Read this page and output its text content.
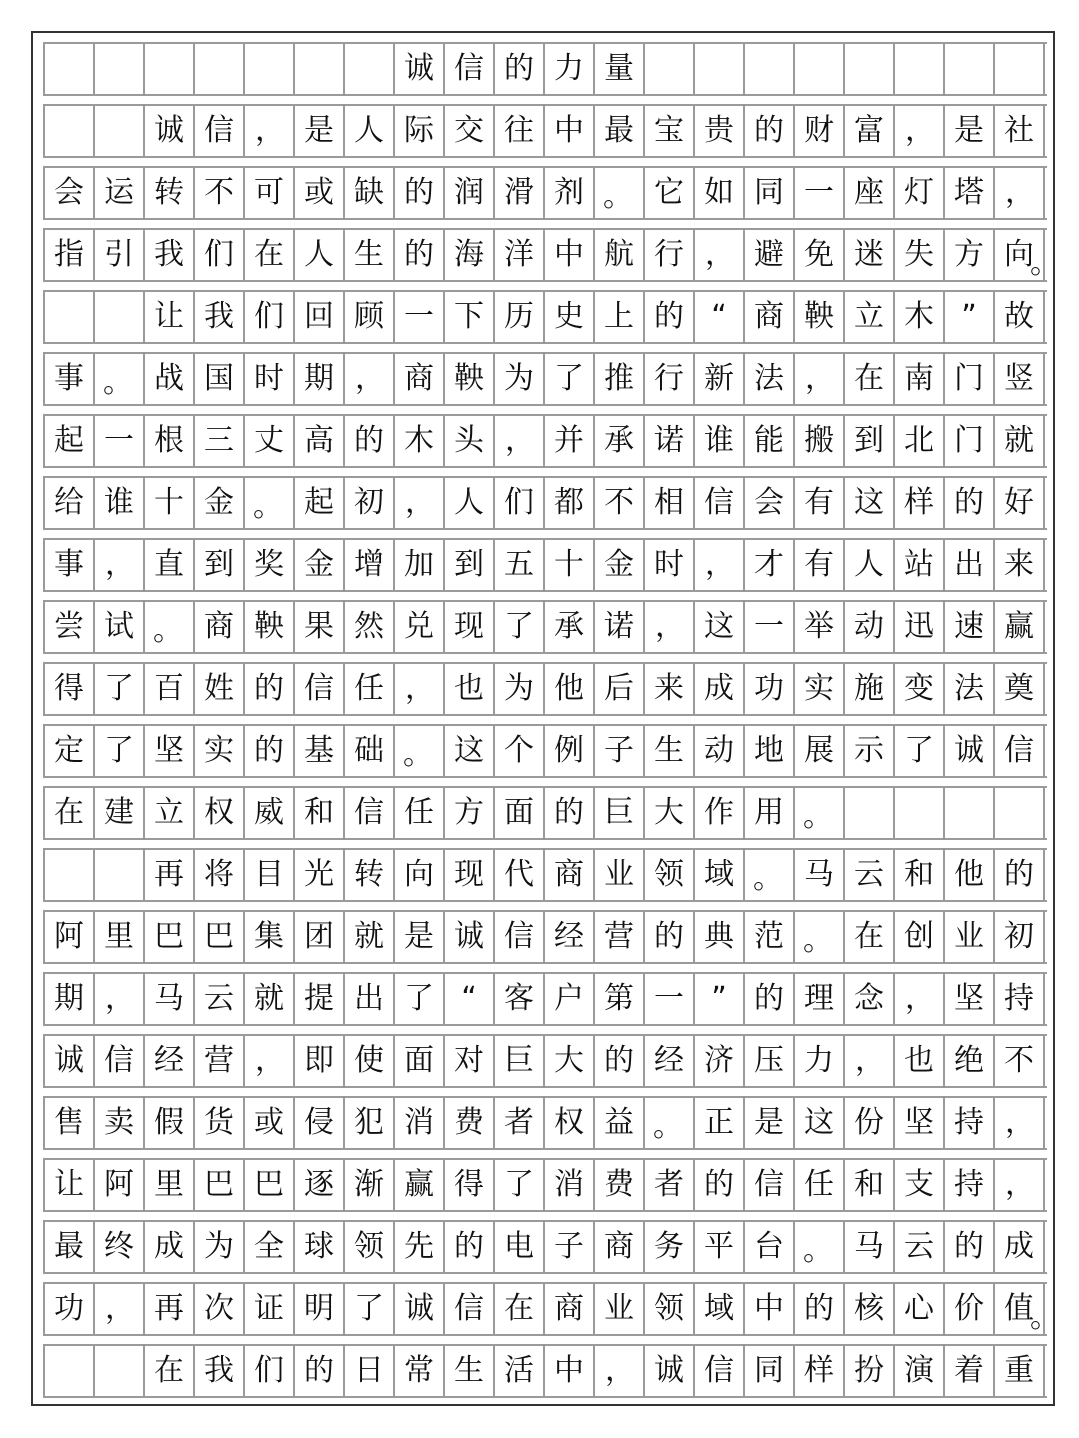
诚 信 的 力 量
诚 信 ， 是 人 际 交 往 中 最 宝 贵 的 财 富 ， 是 社
会 运 转 不 可 或 缺 的 润 滑 剂 。 它 如 同 一 座 灯 塔 ，
指 引 我 们 在 人 生 的 海 洋 中 航 行 ， 避 免 迷 失 方 向
让 我 们 回 顾 一 下 历 史 上 的 “ 商 鞅 立 木 ” 故
事 。 战 国 时 期 ， 商 鞅 为 了 推 行 新 法 ， 在 南 门 竖
起 一 根 三 丈 高 的 木 头 ， 并 承 诺 谁 能 搬 到 北 门 就
给 谁 十 金 。 起 初 ， 人 们 都 不 相 信 会 有 这 样 的 好
事 ， 直 到 奖 金 增 加 到 五 十 金 时 ， 才 有 人 站 出 来
尝 试 。 商 鞅 果 然 兑 现 了 承 诺 ， 这 一 举 动 迅 速 赢
得 了 百 姓 的 信 任 ， 也 为 他 后 来 成 功 实 施 变 法 奠
定 了 坚 实 的 基 础 。 这 个 例 子 生 动 地 展 示 了 诚 信
在 建 立 权 威 和 信 任 方 面 的 巨 大 作 用 。
再 将 目 光 转 向 现 代 商 业 领 域 。 马 云 和 他 的
阿 里 巴 巴 集 团 就 是 诚 信 经 营 的 典 范 。 在 创 业 初
期 ， 马 云 就 提 出 了 “ 客 户 第 一 ” 的 理 念 ， 坚 持
诚 信 经 营 ， 即 使 面 对 巨 大 的 经 济 压 力 ， 也 绝 不
售 卖 假 货 或 侵 犯 消 费 者 权 益 。 正 是 这 份 坚 持 ，
让 阿 里 巴 巴 逐 渐 赢 得 了 消 费 者 的 信 任 和 支 持 ，
最 终 成 为 全 球 领 先 的 电 子 商 务 平 台 。 马 云 的 成
功 ， 再 次 证 明 了 诚 信 在 商 业 领 域 中 的 核 心 价 值
在 我 们 的 日 常 生 活 中 ， 诚 信 同 样 扮 演 着 重
。
。
